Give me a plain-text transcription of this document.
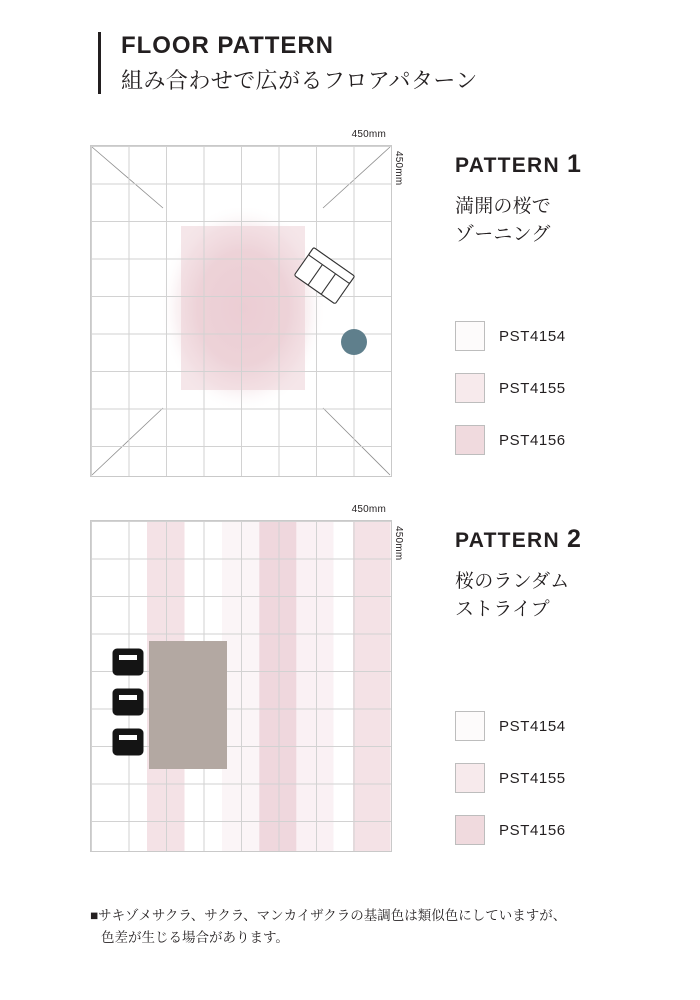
FLOOR PATTERN

組み合わせで広がるフロアパターン

450mm
450mm PATTERN 1

満開の桜で
ゾーニング

PST4154
PST4155
PST4156
450mm
450mm PATTERN 2

桜のランダム
ストライプ

PST4154
PST4155
PST4156
■サキゾメサクラ、サクラ、マンカイザクラの基調色は類似色にしていますが、
色差が生じる場合があります。
